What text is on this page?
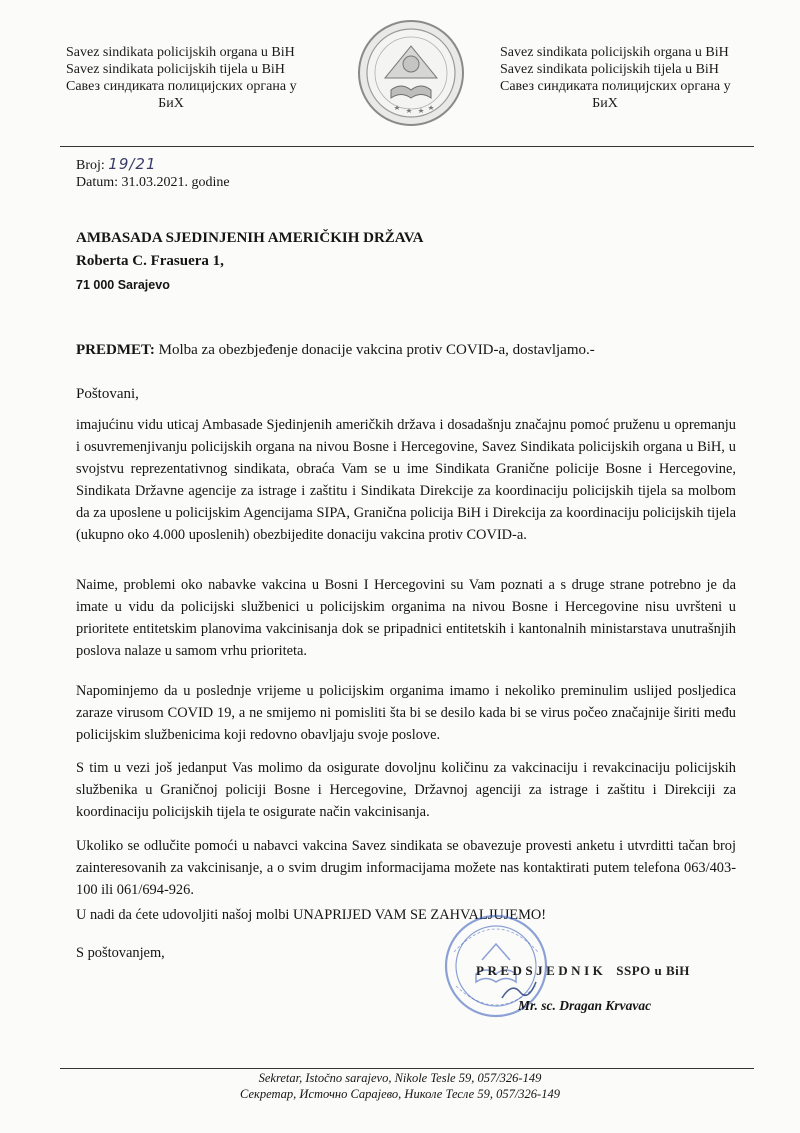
Savez sindikata policijskih organa u BiH
Savez sindikata policijskih tijela u BiH
Савез синдиката полицијских органа у
БиХ
Savez sindikata policijskih organa u BiH
Savez sindikata policijskih tijela u BiH
Савез синдиката полицијских органа у
БиХ
Broj: 19/21
Datum: 31.03.2021. godine
AMBASADA SJEDINJENIH AMERIČKIH DRŽAVA
Roberta C. Frasuera 1,
71 000 Sarajevo
PREDMET: Molba za obezbjeđenje donacije vakcina protiv COVID-a, dostavljamo.-
Poštovani,
imajućinu vidu uticaj Ambasade Sjedinjenih američkih država i dosadašnju značajnu pomoć pruženu u opremanju i osuvremenjivanju policijskih organa na nivou Bosne i Hercegovine, Savez Sindikata policijskih organa u BiH, u svojstvu reprezentativnog sindikata, obraća Vam se u ime Sindikata Granične policije Bosne i Hercegovine, Sindikata Državne agencije za istrage i zaštitu i Sindikata Direkcije za koordinaciju policijskih tijela sa molbom da za uposlene u policijskim Agencijama SIPA, Granična policija BiH i Direkcija za koordinaciju policijskih tijela (ukupno oko 4.000 uposlenih) obezbijedite donaciju vakcina protiv COVID-a.
Naime, problemi oko nabavke vakcina u Bosni I Hercegovini su Vam poznati a s druge strane potrebno je da imate u vidu da policijski službenici u policijskim organima na nivou Bosne i Hercegovine nisu uvršteni u prioritete entitetskim planovima vakcinisanja dok se pripadnici entitetskih i kantonalnih ministarstava unutrašnjih poslova nalaze u samom vrhu prioriteta.
Napominjemo da u poslednje vrijeme u policijskim organima imamo i nekoliko preminulim uslijed posljedica zaraze virusom COVID 19, a ne smijemo ni pomisliti šta bi se desilo kada bi se virus počeo značajnije širiti među policijskim službenicima koji redovno obavljaju svoje poslove.
S tim u vezi još jedanput Vas molimo da osigurate dovoljnu količinu za vakcinaciju i revakcinaciju policijskih službenika u Graničnoj policiji Bosne i Hercegovine, Državnoj agenciji za istrage i zaštitu i Direkciji za koordinaciju policijskih tijela te osigurate način vakcinisanja.
Ukoliko se odlučite pomoći u nabavci vakcina Savez sindikata se obavezuje provesti anketu i utvrditti tačan broj zainteresovanih za vakcinisanje, a o svim drugim informacijama možete nas kontaktirati putem telefona 063/403-100 ili 061/694-926.
U nadi da ćete udovoljiti našoj molbi UNAPRIJED VAM SE ZAHVALJUJEMO!
S poštovanjem,
PREDSJEDNIK SSPO u BiH
Mr. sc. Dragan Krvavac
Sekretar, Istočno sarajevo, Nikole Tesle 59, 057/326-149
Секретар, Источно Сарајево, Николе Тесле 59, 057/326-149
